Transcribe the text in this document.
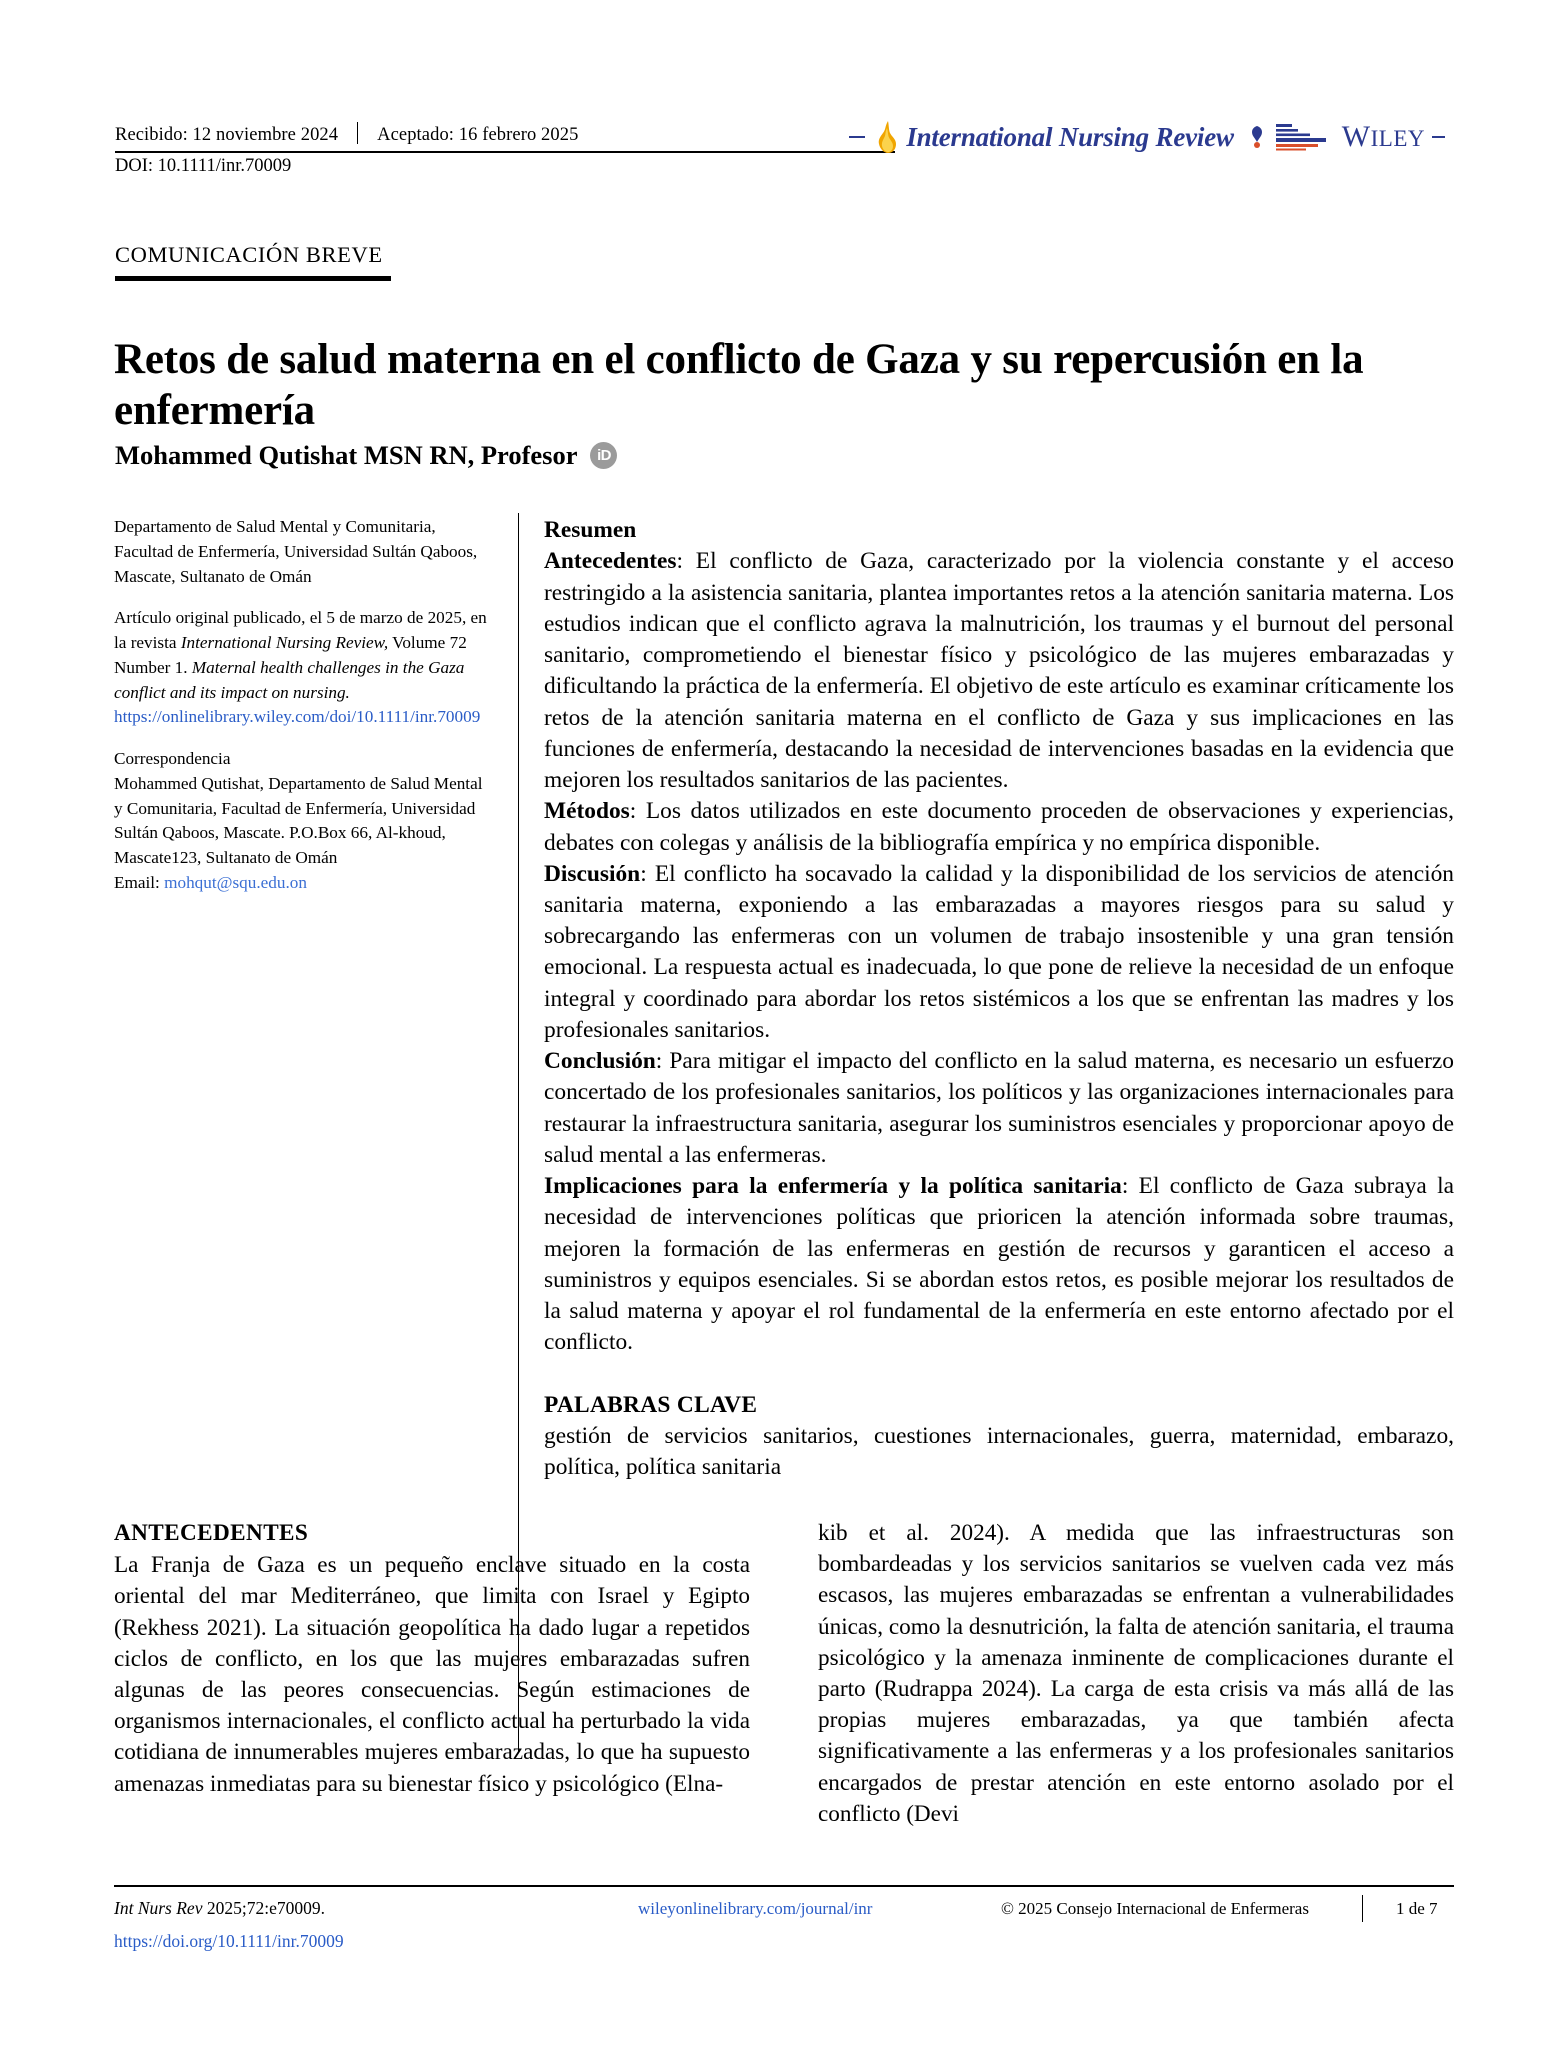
Recibido: 12 noviembre 2024 Aceptado: 16 febrero 2025
DOI: 10.1111/inr.70009
International Nursing Review	WILEY
COMUNICACIÓN BREVE
Retos de salud materna en el conflicto de Gaza y su repercusión en la enfermería
Mohammed Qutishat MSN RN, Profesor	iD

Departamento de Salud Mental y Comunitaria, Facultad de Enfermería, Universidad Sultán Qaboos, Mascate, Sultanato de Omán

Artículo original publicado, el 5 de marzo de 2025, en la revista International Nursing Review, Volume 72 Number 1. Maternal health challenges in the Gaza conflict and its impact on nursing.
https://onlinelibrary.wiley.com/doi/10.1111/inr.70009

Correspondencia
Mohammed Qutishat, Departamento de Salud Mental y Comunitaria, Facultad de Enfermería, Universidad Sultán Qaboos, Mascate. P.O.Box 66, Al-khoud, Mascate123, Sultanato de Omán
Email: mohqut@squ.edu.on

Resumen

Antecedentes: El conflicto de Gaza, caracterizado por la violencia constante y el acceso restringido a la asistencia sanitaria, plantea importantes retos a la atención sanitaria materna. Los estudios indican que el conflicto agrava la malnutrición, los traumas y el burnout del personal sanitario, comprometiendo el bienestar físico y psicológico de las mujeres embarazadas y dificultando la práctica de la enfermería. El objetivo de este artículo es examinar críticamente los retos de la atención sanitaria materna en el conflicto de Gaza y sus implicaciones en las funciones de enfermería, destacando la necesidad de intervenciones basadas en la evidencia que mejoren los resultados sanitarios de las pacientes.

Métodos: Los datos utilizados en este documento proceden de observaciones y experiencias, debates con colegas y análisis de la bibliografía empírica y no empírica disponible.

Discusión: El conflicto ha socavado la calidad y la disponibilidad de los servicios de atención sanitaria materna, exponiendo a las embarazadas a mayores riesgos para su salud y sobrecargando las enfermeras con un volumen de trabajo insostenible y una gran tensión emocional. La respuesta actual es inadecuada, lo que pone de relieve la necesidad de un enfoque integral y coordinado para abordar los retos sistémicos a los que se enfrentan las madres y los profesionales sanitarios.

Conclusión: Para mitigar el impacto del conflicto en la salud materna, es necesario un esfuerzo concertado de los profesionales sanitarios, los políticos y las organizaciones internacionales para restaurar la infraestructura sanitaria, asegurar los suministros esenciales y proporcionar apoyo de salud mental a las enfermeras.

Implicaciones para la enfermería y la política sanitaria: El conflicto de Gaza subraya la necesidad de intervenciones políticas que prioricen la atención informada sobre traumas, mejoren la formación de las enfermeras en gestión de recursos y garanticen el acceso a suministros y equipos esenciales. Si se abordan estos retos, es posible mejorar los resultados de la salud materna y apoyar el rol fundamental de la enfermería en este entorno afectado por el conflicto.

PALABRAS CLAVE
gestión de servicios sanitarios, cuestiones internacionales, guerra, maternidad, embarazo, política, política sanitaria
ANTECEDENTES

La Franja de Gaza es un pequeño enclave situado en la costa oriental del mar Mediterráneo, que limita con Israel y Egipto (Rekhess 2021). La situación geopolítica ha dado lugar a repetidos ciclos de conflicto, en los que las mujeres embarazadas sufren algunas de las peores consecuencias. Según estimaciones de organismos internacionales, el conflicto actual ha perturbado la vida cotidiana de innumerables mujeres embarazadas, lo que ha supuesto amenazas inmediatas para su bienestar físico y psicológico (Elna-

kib et al. 2024). A medida que las infraestructuras son bombardeadas y los servicios sanitarios se vuelven cada vez más escasos, las mujeres embarazadas se enfrentan a vulnerabilidades únicas, como la desnutrición, la falta de atención sanitaria, el trauma psicológico y la amenaza inminente de complicaciones durante el parto (Rudrappa 2024). La carga de esta crisis va más allá de las propias mujeres embarazadas, ya que también afecta significativamente a las enfermeras y a los profesionales sanitarios encargados de prestar atención en este entorno asolado por el conflicto (Devi

Int Nurs Rev 2025;72:e70009.	wileyonlinelibrary.com/journal/inr	© 2025 Consejo Internacional de Enfermeras	1 de 7
https://doi.org/10.1111/inr.70009
